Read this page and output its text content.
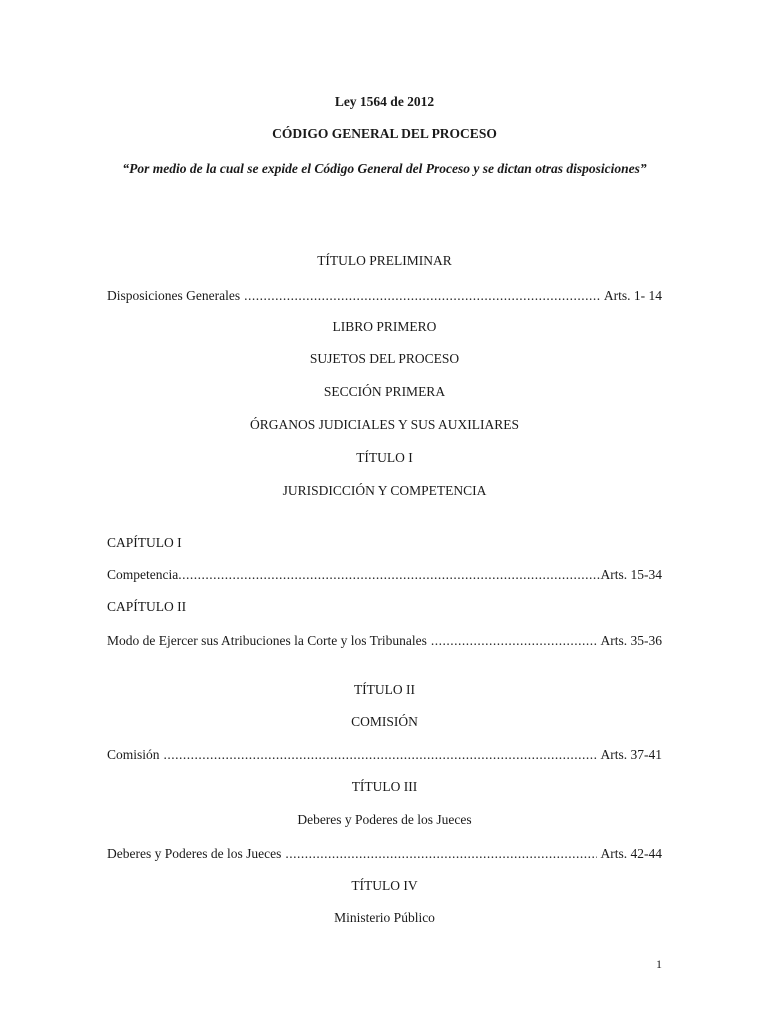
Ley 1564 de 2012
CÓDIGO GENERAL DEL PROCESO
“Por medio de la cual se expide el Código General del Proceso y se dictan otras disposiciones”
TÍTULO PRELIMINAR
Disposiciones Generales .....	Arts. 1- 14
LIBRO PRIMERO
SUJETOS DEL PROCESO
SECCIÓN PRIMERA
ÓRGANOS JUDICIALES Y SUS AUXILIARES
TÍTULO I
JURISDICCIÓN Y COMPETENCIA
CAPÍTULO I
Competencia .....	Arts. 15-34
CAPÍTULO II
Modo de Ejercer sus Atribuciones la Corte y los Tribunales .....	Arts. 35-36
TÍTULO II
COMISIÓN
Comisión .....	Arts. 37-41
TÍTULO III
Deberes y Poderes de los Jueces
Deberes y Poderes de los Jueces .....	Arts. 42-44
TÍTULO IV
Ministerio Público
1
